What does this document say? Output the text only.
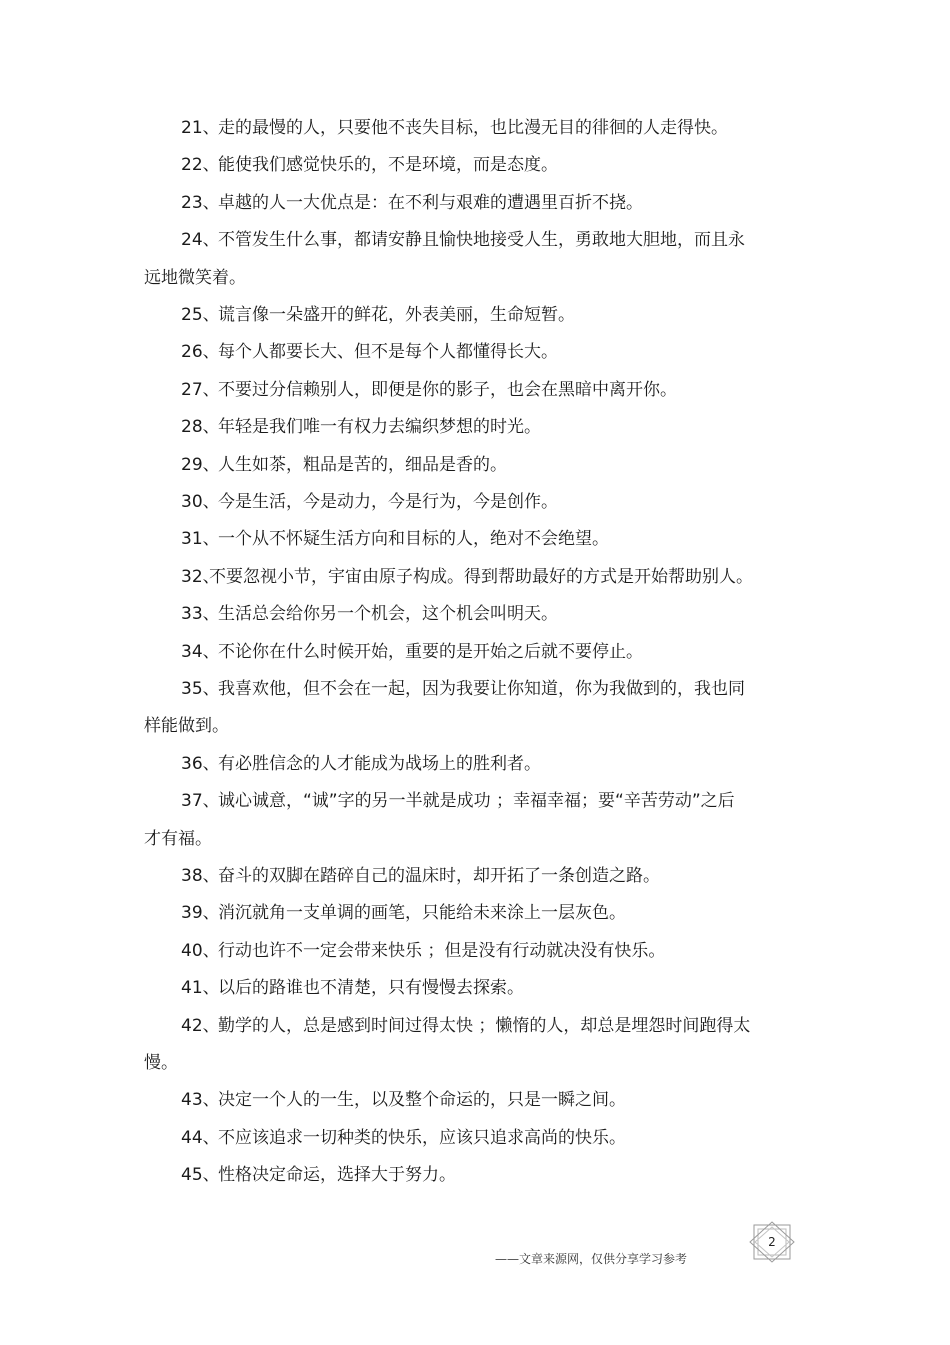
21、
走的最慢的人，只要他不丧失目标，也比漫无目的徘徊的人走得快。
22、
能使我们感觉快乐的，不是环境，而是态度。
23、
卓越的人一大优点是：在不利与艰难的遭遇里百折不挠。
24、
不管发生什么事，都请安静且愉快地接受人生，勇敢地大胆地，而且永
远地微笑着。
25、
谎言像一朵盛开的鲜花，外表美丽，生命短暂。
26、
每个人都要长大、但不是每个人都懂得长大。
27、
不要过分信赖别人，即便是你的影子，也会在黑暗中离开你。
28、
年轻是我们唯一有权力去编织梦想的时光。
29、
人生如茶，粗品是苦的，细品是香的。
30、
今是生活，今是动力，今是行为，今是创作。
31、
一个从不怀疑生活方向和目标的人，绝对不会绝望。
32、
不要忽视小节，宇宙由原子构成。得到帮助最好的方式是开始帮助别人。
33、
生活总会给你另一个机会，这个机会叫明天。
34、
不论你在什么时候开始，重要的是开始之后就不要停止。
35、
我喜欢他，但不会在一起，因为我要让你知道，你为我做到的，我也同
样能做到。
36、
有必胜信念的人才能成为战场上的胜利者。
37、
诚心诚意，“诚”字的另一半就是成功 ；幸福幸福；要“辛苦劳动”之后
才有福。
38、
奋斗的双脚在踏碎自己的温床时，却开拓了一条创造之路。
39、
消沉就角一支单调的画笔，只能给未来涂上一层灰色。
40、
行动也许不一定会带来快乐 ；但是没有行动就决没有快乐。
41、
以后的路谁也不清楚，只有慢慢去探索。
42、
勤学的人，总是感到时间过得太快 ；懒惰的人，却总是埋怨时间跑得太
慢。
43、
决定一个人的一生，以及整个命运的，只是一瞬之间。
44、
不应该追求一切种类的快乐，应该只追求高尚的快乐。
45、
性格决定命运，选择大于努力。
——文章来源网，仅供分享学习参考
2
